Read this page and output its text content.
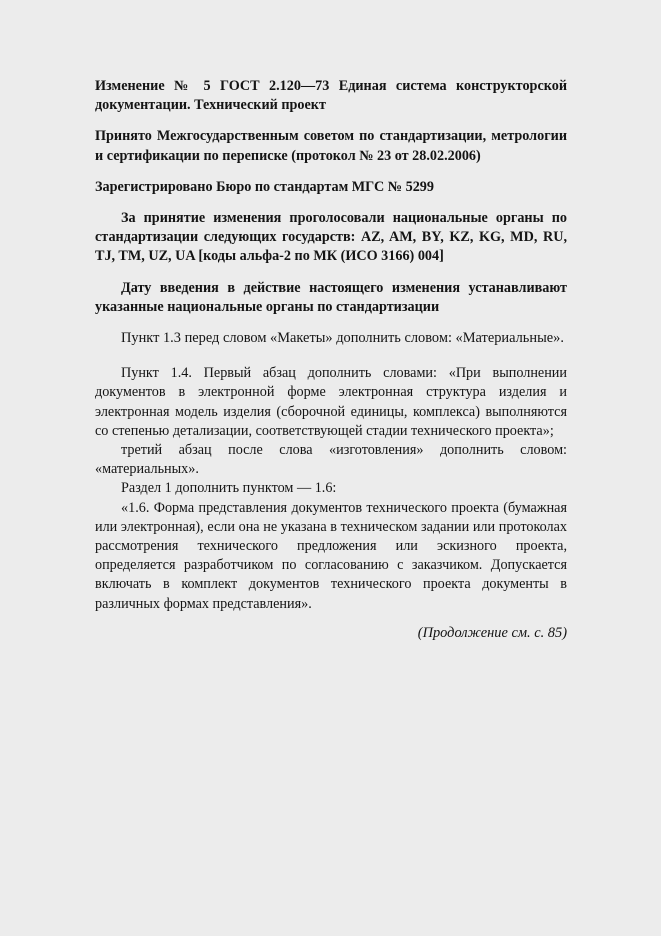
Изменение № 5 ГОСТ 2.120—73 Единая система конструкторской документации. Технический проект

Принято Межгосударственным советом по стандартизации, метрологии и сертификации по переписке (протокол № 23 от 28.02.2006)

Зарегистрировано Бюро по стандартам МГС № 5299

За принятие изменения проголосовали национальные органы по стандартизации следующих государств: AZ, AM, BY, KZ, KG, MD, RU, TJ, TM, UZ, UA [коды альфа-2 по МК (ИСО 3166) 004]

Дату введения в действие настоящего изменения устанавливают указанные национальные органы по стандартизации

Пункт 1.3 перед словом «Макеты» дополнить словом: «Материальные».

Пункт 1.4. Первый абзац дополнить словами: «При выполнении документов в электронной форме электронная структура изделия и электронная модель изделия (сборочной единицы, комплекса) выполняются со степенью детализации, соответствующей стадии технического проекта»;

третий абзац после слова «изготовления» дополнить словом: «материальных».

Раздел 1 дополнить пунктом — 1.6:

«1.6. Форма представления документов технического проекта (бумажная или электронная), если она не указана в техническом задании или протоколах рассмотрения технического предложения или эскизного проекта, определяется разработчиком по согласованию с заказчиком. Допускается включать в комплект документов технического проекта документы в различных формах представления».

(Продолжение см. с. 85)
